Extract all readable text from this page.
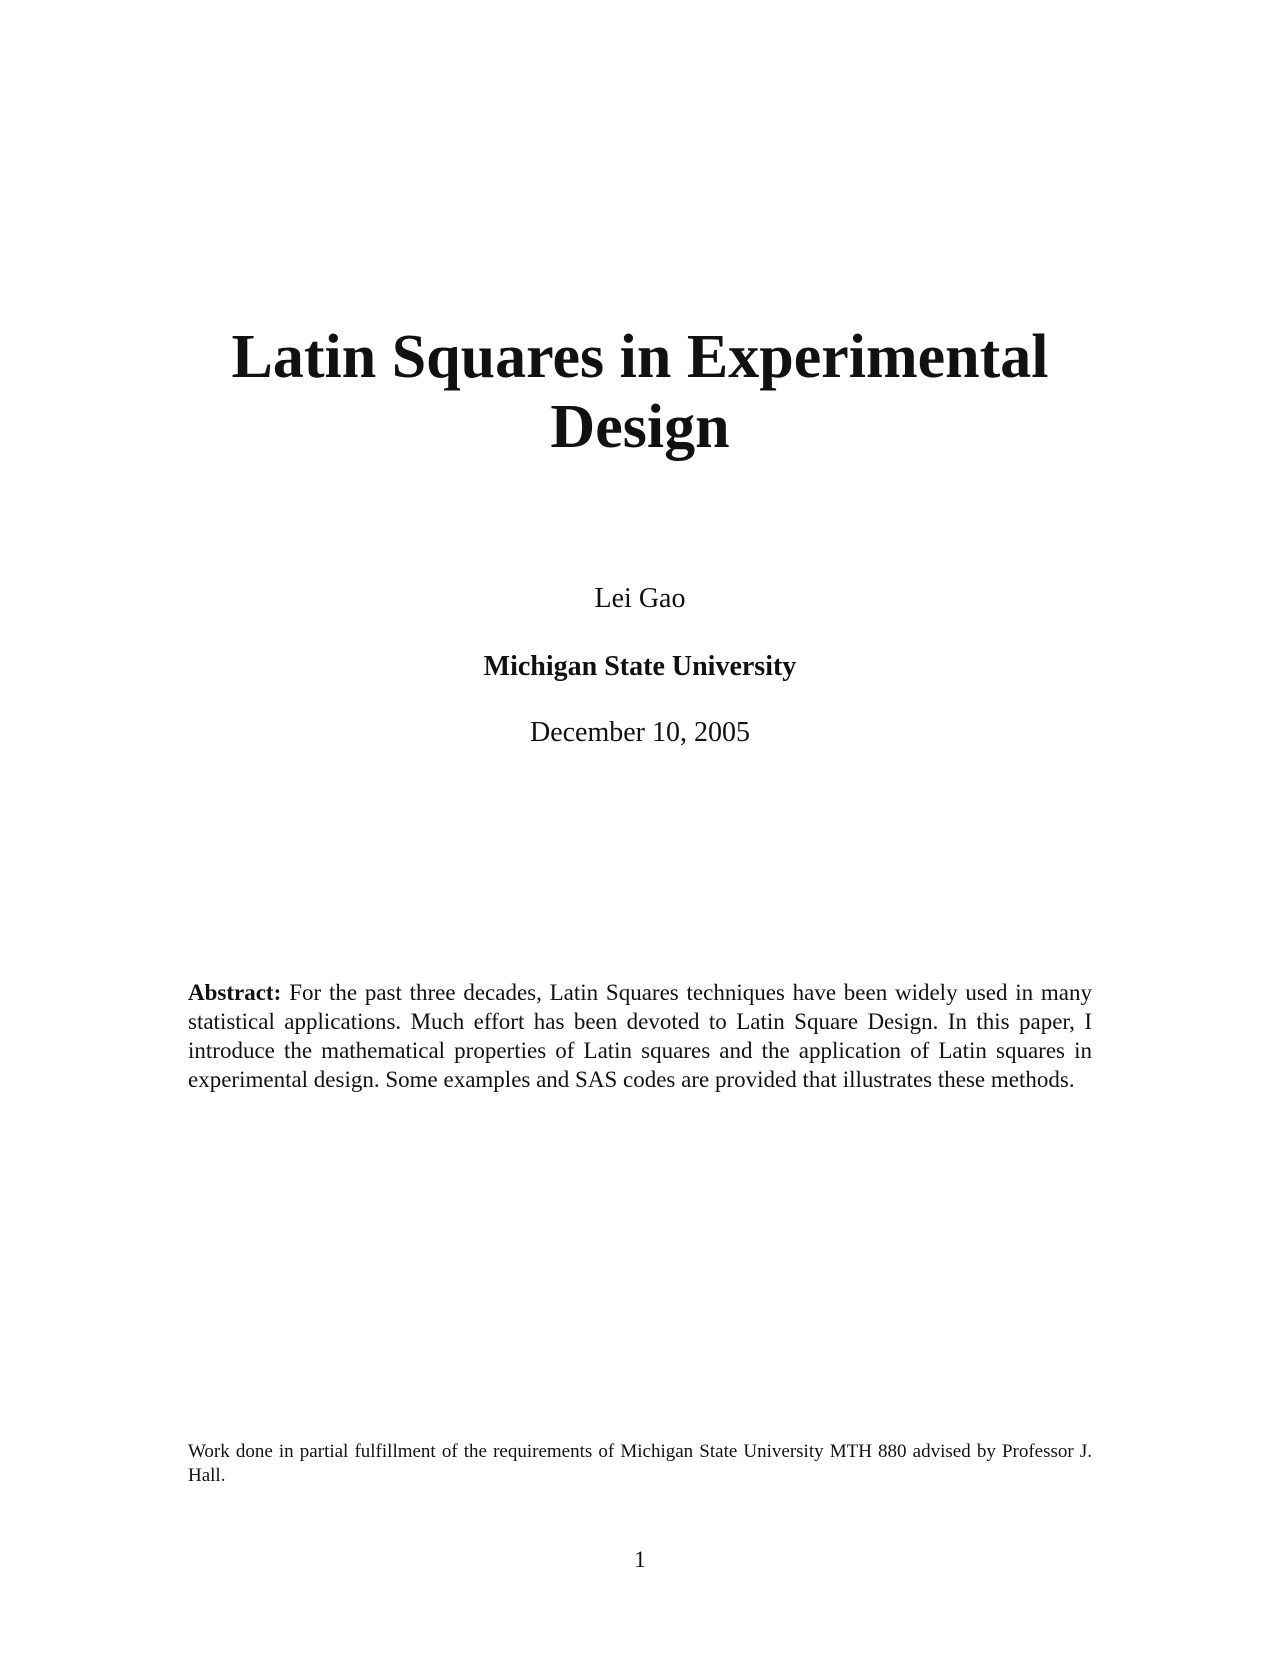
Latin Squares in Experimental Design
Lei Gao
Michigan State University
December 10, 2005

Abstract: For the past three decades, Latin Squares techniques have been widely used in many statistical applications. Much effort has been devoted to Latin Square Design. In this paper, I introduce the mathematical properties of Latin squares and the application of Latin squares in experimental design. Some examples and SAS codes are provided that illustrates these methods.

Work done in partial fulfillment of the requirements of Michigan State University MTH 880 advised by Professor J. Hall.

1
